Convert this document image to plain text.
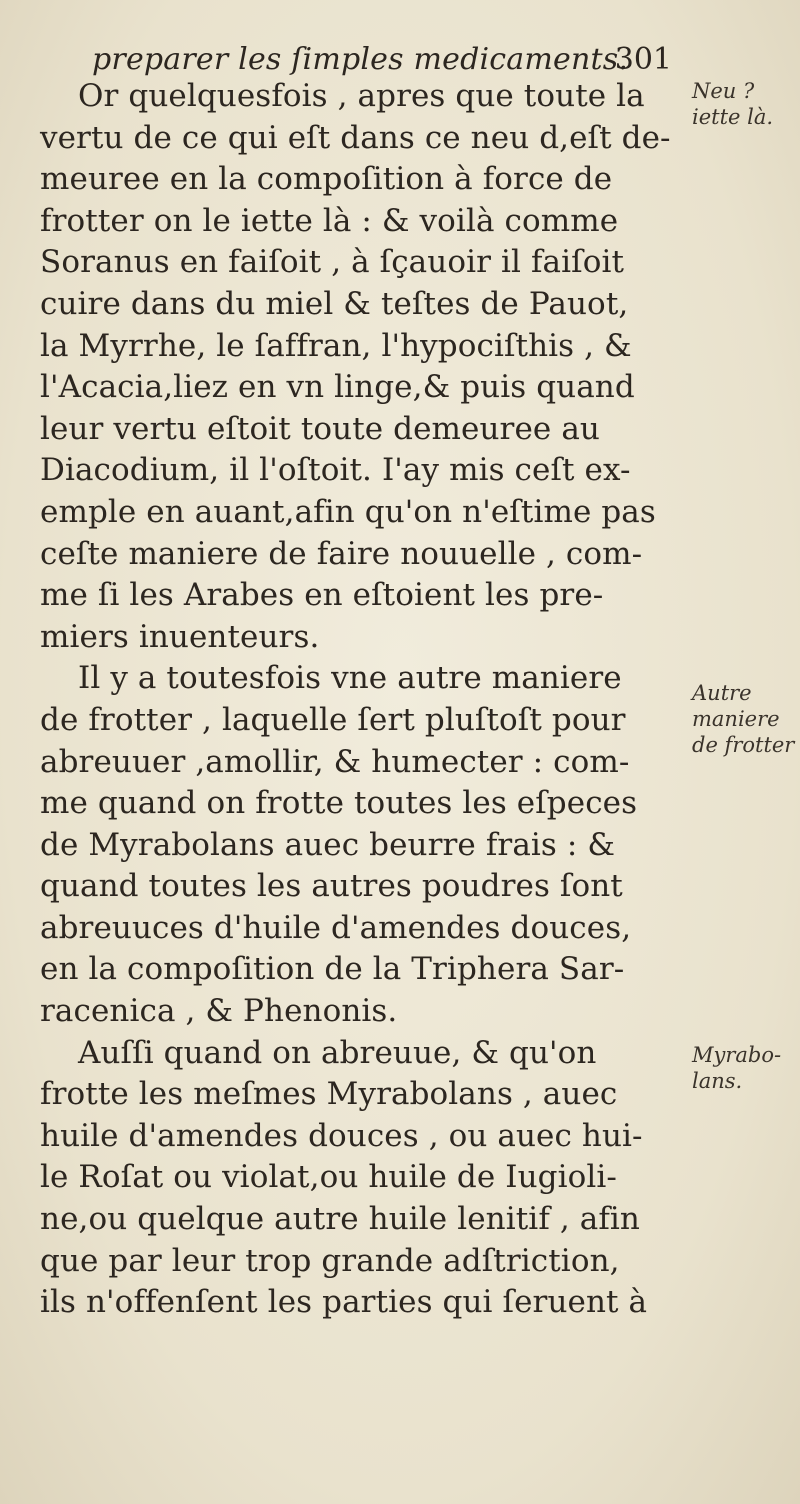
preparer les ſimples medicaments.
301
Or quelquesfois , apres que toute la
vertu de ce qui eſt dans ce neu d,eſt de-
meuree en la compoſition à force de
frotter on le iette là : & voilà comme
Soranus en faiſoit , à ſçauoir il faiſoit
cuire dans du miel & teſtes de Pauot,
la Myrrhe, le ſaffran, l'hypociſthis , &
l'Acacia,liez en vn linge,& puis quand
leur vertu eſtoit toute demeuree au
Diacodium, il l'oſtoit. I'ay mis ceſt ex-
emple en auant,afin qu'on n'eſtime pas
ceſte maniere de faire nouuelle , com-
me ſi les Arabes en eſtoient les pre-
miers inuenteurs.
Il y a toutesfois vne autre maniere
de frotter , laquelle ſert pluſtoſt pour
abreuuer ,amollir, & humecter : com-
me quand on frotte toutes les eſpeces
de Myrabolans auec beurre frais : &
quand toutes les autres poudres ſont
abreuuces d'huile d'amendes douces,
en la compoſition de la Triphera Sar-
racenica , & Phenonis.
Auſſi quand on abreuue, & qu'on
frotte les meſmes Myrabolans , auec
huile d'amendes douces , ou auec hui-
le Roſat ou violat,ou huile de Iugioli-
ne,ou quelque autre huile lenitif , afin
que par leur trop grande adſtriction,
ils n'offenſent les parties qui ſeruent à
Neu ?
iette là.
Autre
maniere
de frotter
Myrabo-
lans.
